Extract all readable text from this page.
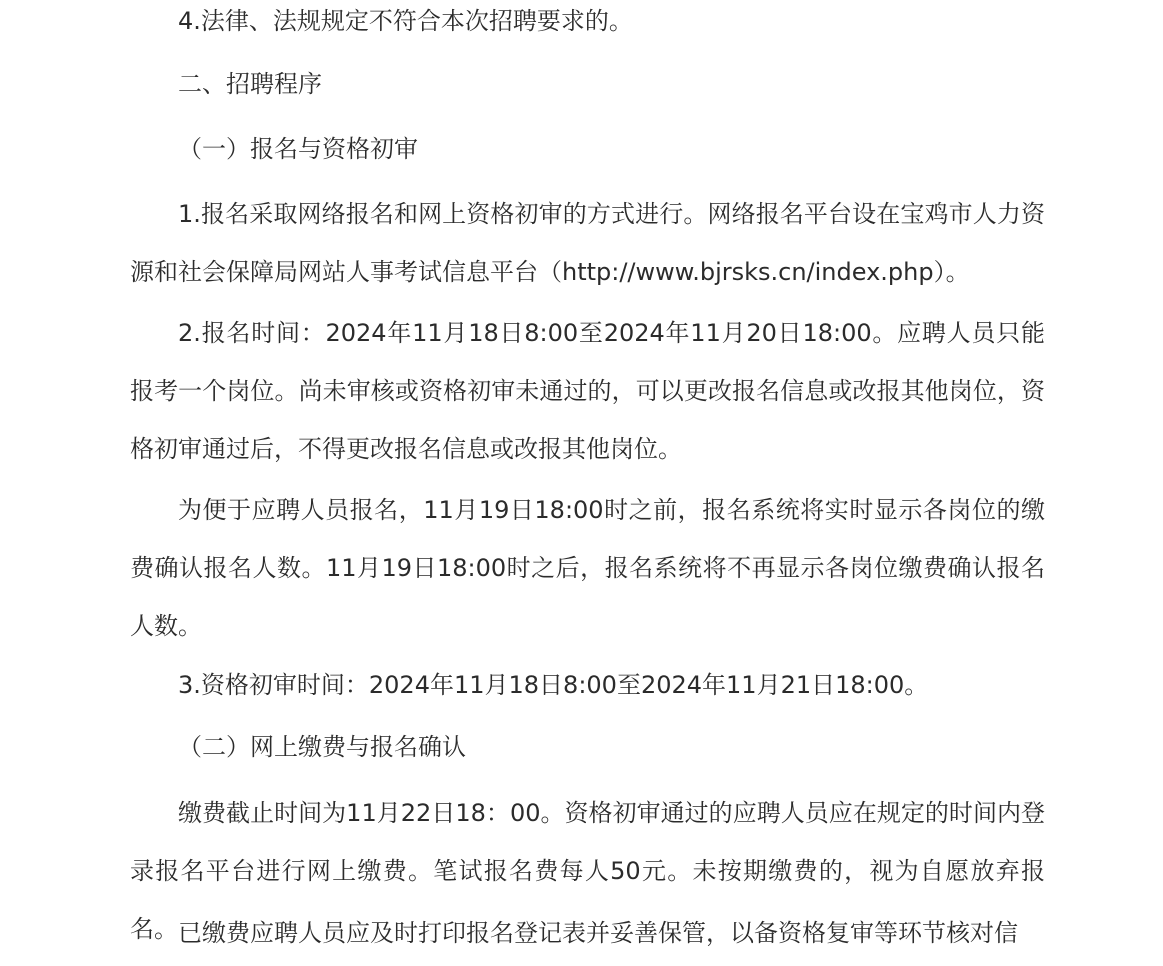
4.法律、法规规定不符合本次招聘要求的。

二、招聘程序

（一）报名与资格初审

1.报名采取网络报名和网上资格初审的方式进行。网络报名平台设在宝鸡市人力资源和社会保障局网站人事考试信息平台（http://www.bjrsks.cn/index.php）。

2.报名时间：2024年11月18日8:00至2024年11月20日18:00。应聘人员只能报考一个岗位。尚未审核或资格初审未通过的，可以更改报名信息或改报其他岗位，资格初审通过后，不得更改报名信息或改报其他岗位。

为便于应聘人员报名，11月19日18:00时之前，报名系统将实时显示各岗位的缴费确认报名人数。11月19日18:00时之后，报名系统将不再显示各岗位缴费确认报名人数。

3.资格初审时间：2024年11月18日8:00至2024年11月21日18:00。

（二）网上缴费与报名确认

缴费截止时间为11月22日18：00。资格初审通过的应聘人员应在规定的时间内登录报名平台进行网上缴费。笔试报名费每人50元。未按期缴费的，视为自愿放弃报名。 已缴费应聘人员应及时打印报名登记表并妥善保管，以备资格复审等环节核对信
